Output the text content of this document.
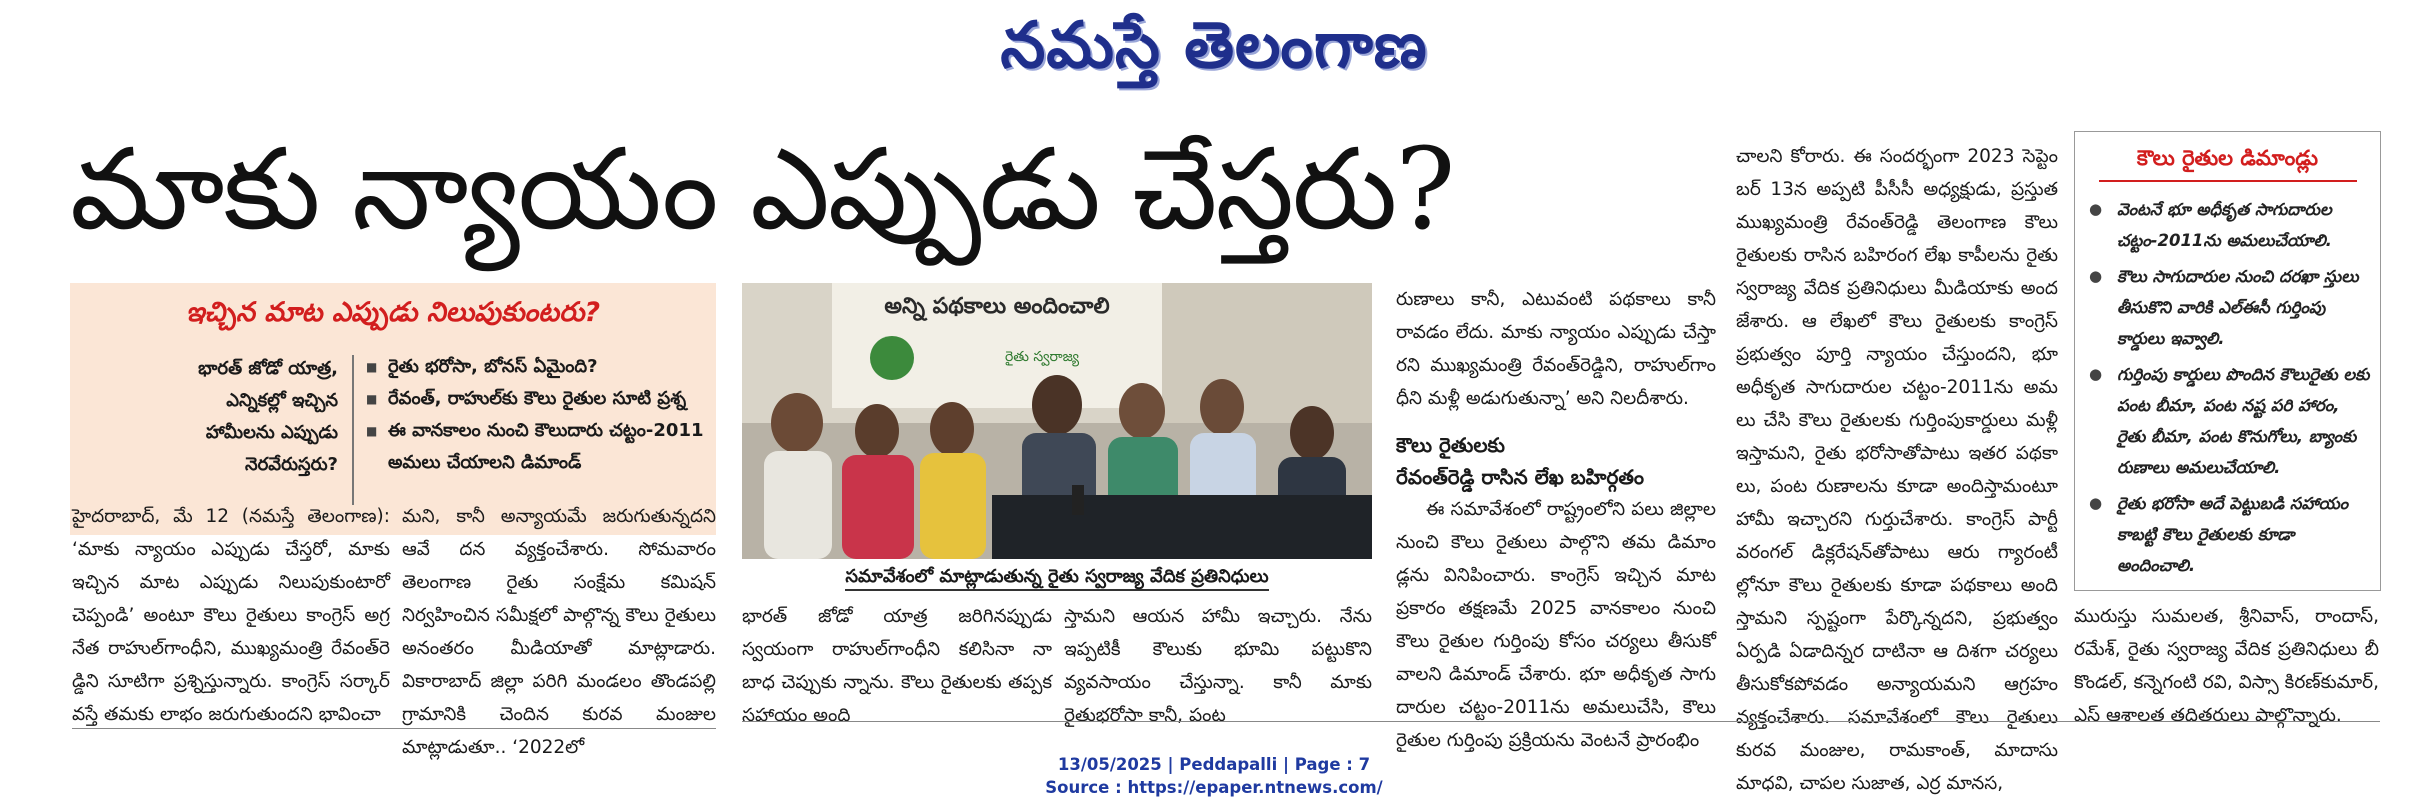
నమస్తే తెలంగాణ
మాకు న్యాయం ఎప్పుడు చేస్తరు?
ఇచ్చిన మాట ఎప్పుడు నిలుపుకుంటరు?
భారత్‌ జోడో యాత్ర,
ఎన్నికల్లో ఇచ్చిన
హామీలను ఎప్పుడు
నెరవేరుస్తరు?
■ రైతు భరోసా, బోనస్‌ ఏమైంది?
■ రేవంత్‌, రాహుల్‌కు కౌలు రైతుల సూటి ప్రశ్న
■ ఈ వానకాలం నుంచి కౌలుదారు చట్టం-2011 అమలు చేయాలని డిమాండ్‌
అన్ని పథకాలు అందించాలి
రైతు స్వరాజ్య
సమావేశంలో మాట్లాడుతున్న రైతు స్వరాజ్య వేదిక ప్రతినిధులు

హైదరాబాద్‌, మే 12 (నమస్తే తెలంగాణ): ‘మాకు న్యాయం ఎప్పుడు చేస్తరో, మాకు ఇచ్చిన మాట ఎప్పుడు నిలుపుకుంటారో చెప్పండి’ అంటూ కౌలు రైతులు కాంగ్రెస్‌ అగ్ర నేత రాహుల్‌గాంధీని, ముఖ్యమంత్రి రేవంత్‌రె డ్డిని సూటిగా ప్రశ్నిస్తున్నారు. కాంగ్రెస్‌ సర్కార్‌ వస్తే తమకు లాభం జరుగుతుందని భావించా

మని, కానీ అన్యాయమే జరుగుతున్నదని ఆవే దన వ్యక్తంచేశారు. సోమవారం తెలంగాణ రైతు సంక్షేమ కమిషన్‌ నిర్వహించిన సమీక్షలో పాల్గొన్న కౌలు రైతులు అనంతరం మీడియాతో మాట్లాడారు. వికారాబాద్‌ జిల్లా పరిగి మండలం తొండపల్లి గ్రామానికి చెందిన కురవ మంజుల మాట్లాడుతూ.. ‘2022లో

భారత్‌ జోడో యాత్ర జరిగినప్పుడు స్వయంగా రాహుల్‌గాంధీని కలిసినా నా బాధ చెప్పుకు న్నాను. కౌలు రైతులకు తప్పక సహాయం అంది

స్తామని ఆయన హామీ ఇచ్చారు. నేను ఇప్పటికీ కౌలుకు భూమి పట్టుకొని వ్యవసాయం చేస్తున్నా. కానీ మాకు రైతుభరోసా కానీ, పంట

రుణాలు కానీ, ఎటువంటి పథకాలు కానీ రావడం లేదు. మాకు న్యాయం ఎప్పుడు చేస్తా రని ముఖ్యమంత్రి రేవంత్‌రెడ్డిని, రాహుల్‌గాం ధీని మళ్లీ అడుగుతున్నా’ అని నిలదీశారు.

కౌలు రైతులకు
రేవంత్‌రెడ్డి రాసిన లేఖ బహిర్గతం

ఈ సమావేశంలో రాష్ట్రంలోని పలు జిల్లాల నుంచి కౌలు రైతులు పాల్గొని తమ డిమాం డ్లను వినిపించారు. కాంగ్రెస్‌ ఇచ్చిన మాట ప్రకారం తక్షణమే 2025 వానకాలం నుంచి కౌలు రైతుల గుర్తింపు కోసం చర్యలు తీసుకో వాలని డిమాండ్‌ చేశారు. భూ అధీకృత సాగు దారుల చట్టం-2011ను అమలుచేసి, కౌలు రైతుల గుర్తింపు ప్రక్రియను వెంటనే ప్రారంభిం

చాలని కోరారు. ఈ సందర్భంగా 2023 సెప్టెం బర్‌ 13న అప్పటి పీసీసీ అధ్యక్షుడు, ప్రస్తుత ముఖ్యమంత్రి రేవంత్‌రెడ్డి తెలంగాణ కౌలు రైతులకు రాసిన బహిరంగ లేఖ కాపీలను రైతు స్వరాజ్య వేదిక ప్రతినిధులు మీడియాకు అంద జేశారు. ఆ లేఖలో కౌలు రైతులకు కాంగ్రెస్‌ ప్రభుత్వం పూర్తి న్యాయం చేస్తుందని, భూ అధీకృత సాగుదారుల చట్టం-2011ను అమ లు చేసి కౌలు రైతులకు గుర్తింపుకార్డులు మళ్లీ ఇస్తామని, రైతు భరోసాతోపాటు ఇతర పథకా లు, పంట రుణాలను కూడా అందిస్తామంటూ హామీ ఇచ్చారని గుర్తుచేశారు. కాంగ్రెస్‌ పార్టీ వరంగల్‌ డిక్లరేషన్‌తోపాటు ఆరు గ్యారంటీ ల్లోనూ కౌలు రైతులకు కూడా పథకాలు అంది స్తామని స్పష్టంగా పేర్కొన్నదని, ప్రభుత్వం ఏర్పడి ఏడాదిన్నర దాటినా ఆ దిశగా చర్యలు తీసుకోకపోవడం అన్యాయమని ఆగ్రహం వ్యక్తంచేశారు. సమావేశంలో కౌలు రైతులు కురవ మంజుల, రామకాంత్‌, మాదాసు మాధవి, చాపల సుజాత, ఎర్ర మానస,

మురుస్తు సుమలత, శ్రీనివాస్‌, రాందాస్‌, రమేశ్‌, రైతు స్వరాజ్య వేదిక ప్రతినిధులు బీ కొండల్‌, కన్నెగంటి రవి, విస్సా కిరణ్‌కుమార్‌, ఎస్‌ ఆశాలత తదితరులు పాల్గొన్నారు.

కౌలు రైతుల డిమాండ్లు
● వెంటనే భూ అధీకృత సాగుదారుల చట్టం-2011ను అమలుచేయాలి.
● కౌలు సాగుదారుల నుంచి దరఖా స్తులు తీసుకొని వారికి ఎల్‌ఈసీ గుర్తింపు కార్డులు ఇవ్వాలి.
● గుర్తింపు కార్డులు పొందిన కౌలురైతు లకు పంట బీమా, పంట నష్ట పరి హారం, రైతు బీమా, పంట కొనుగోలు, బ్యాంకు రుణాలు అమలుచేయాలి.
● రైతు భరోసా అదే పెట్టుబడి సహాయం కాబట్టి కౌలు రైతులకు కూడా అందించాలి.
13/05/2025 | Peddapalli | Page : 7
Source : https://epaper.ntnews.com/
